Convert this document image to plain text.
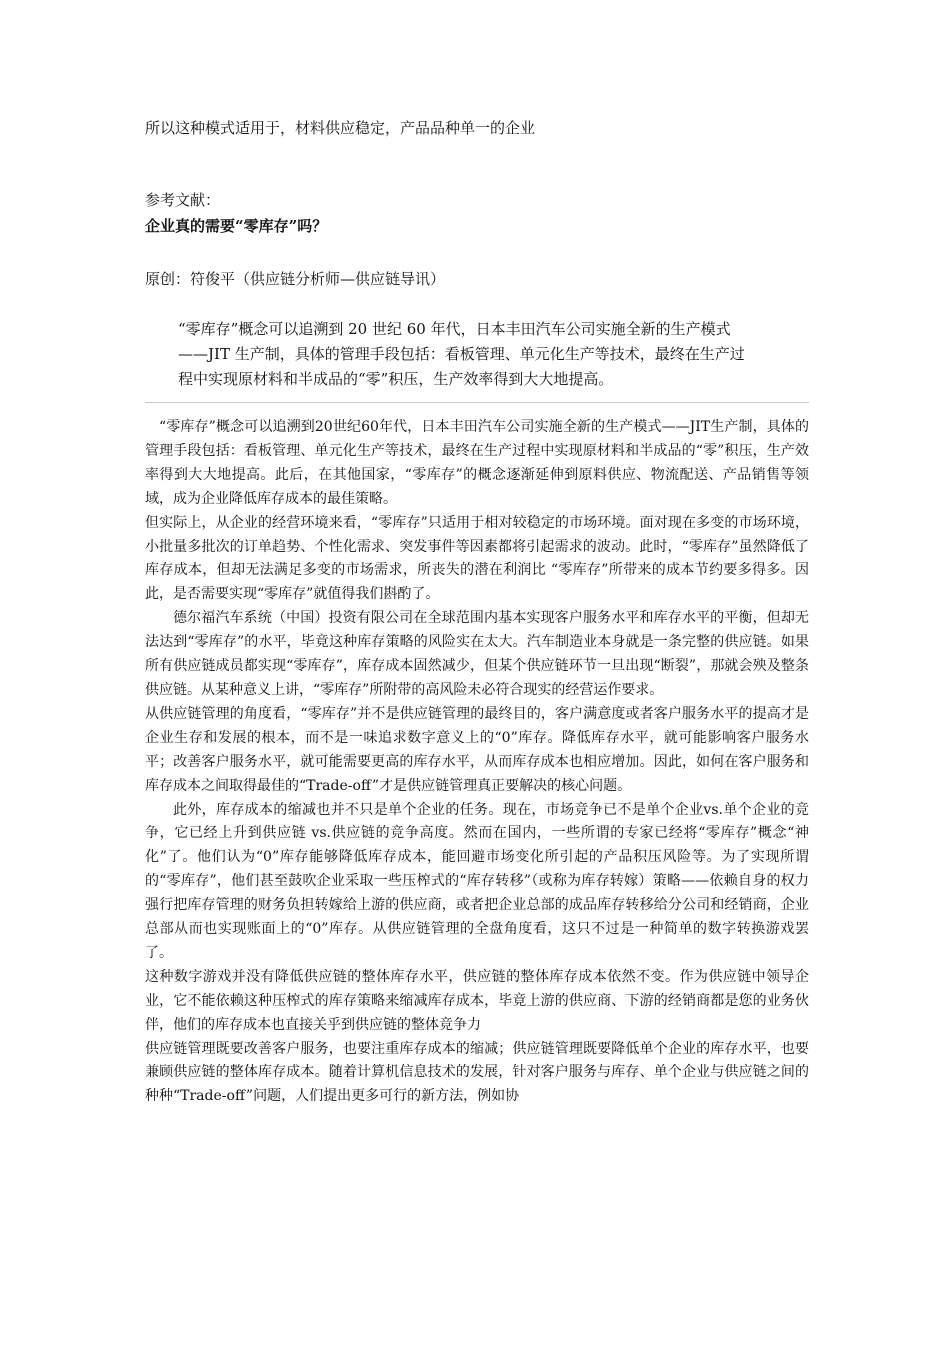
所以这种模式适用于，材料供应稳定，产品品种单一的企业
参考文献：
企业真的需要“零库存”吗？
原创：符俊平（供应链分析师—供应链导讯）
“零库存”概念可以追溯到 20 世纪 60 年代，日本丰田汽车公司实施全新的生产模式
——JIT 生产制，具体的管理手段包括：看板管理、单元化生产等技术，最终在生产过
程中实现原材料和半成品的“零”积压，生产效率得到大大地提高。

“零库存”概念可以追溯到20世纪60年代，日本丰田汽车公司实施全新的生产模式——JIT生产制，具体的管理手段包括：看板管理、单元化生产等技术，最终在生产过程中实现原材料和半成品的“零”积压，生产效率得到大大地提高。此后，在其他国家，“零库存”的概念逐渐延伸到原料供应、物流配送、产品销售等领域，成为企业降低库存成本的最佳策略。

但实际上，从企业的经营环境来看，“零库存”只适用于相对较稳定的市场环境。面对现在多变的市场环境，小批量多批次的订单趋势、个性化需求、突发事件等因素都将引起需求的波动。此时，“零库存”虽然降低了库存成本，但却无法满足多变的市场需求，所丧失的潜在利润比 “零库存”所带来的成本节约要多得多。因此，是否需要实现“零库存”就值得我们斟酌了。

德尔福汽车系统（中国）投资有限公司在全球范围内基本实现客户服务水平和库存水平的平衡，但却无法达到“零库存”的水平，毕竟这种库存策略的风险实在太大。汽车制造业本身就是一条完整的供应链。如果所有供应链成员都实现“零库存”，库存成本固然减少，但某个供应链环节一旦出现“断裂”，那就会殃及整条供应链。从某种意义上讲，“零库存”所附带的高风险未必符合现实的经营运作要求。

从供应链管理的角度看，“零库存”并不是供应链管理的最终目的，客户满意度或者客户服务水平的提高才是企业生存和发展的根本，而不是一味追求数字意义上的“0”库存。降低库存水平，就可能影响客户服务水平；改善客户服务水平，就可能需要更高的库存水平，从而库存成本也相应增加。因此，如何在客户服务和库存成本之间取得最佳的“Trade-off”才是供应链管理真正要解决的核心问题。

此外，库存成本的缩减也并不只是单个企业的任务。现在，市场竞争已不是单个企业vs.单个企业的竞争，它已经上升到供应链 vs.供应链的竞争高度。然而在国内，一些所谓的专家已经将“零库存”概念“神化”了。他们认为“0”库存能够降低库存成本，能回避市场变化所引起的产品积压风险等。为了实现所谓的“零库存”，他们甚至鼓吹企业采取一些压榨式的“库存转移”（或称为库存转嫁）策略——依赖自身的权力强行把库存管理的财务负担转嫁给上游的供应商，或者把企业总部的成品库存转移给分公司和经销商，企业总部从而也实现账面上的“0”库存。从供应链管理的全盘角度看，这只不过是一种简单的数字转换游戏罢了。

这种数字游戏并没有降低供应链的整体库存水平，供应链的整体库存成本依然不变。作为供应链中领导企业，它不能依赖这种压榨式的库存策略来缩减库存成本，毕竟上游的供应商、下游的经销商都是您的业务伙伴，他们的库存成本也直接关乎到供应链的整体竞争力

供应链管理既要改善客户服务，也要注重库存成本的缩减；供应链管理既要降低单个企业的库存水平，也要兼顾供应链的整体库存成本。随着计算机信息技术的发展，针对客户服务与库存、单个企业与供应链之间的种种“Trade-off”问题，人们提出更多可行的新方法，例如协
